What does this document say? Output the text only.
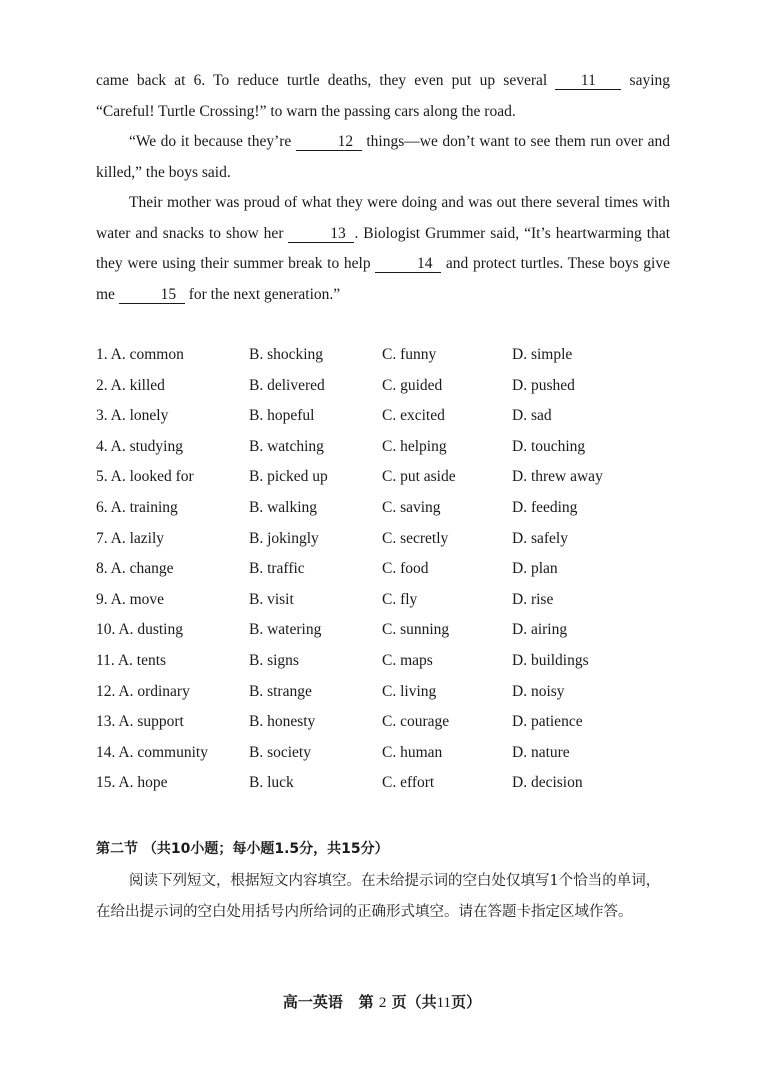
came back at 6. To reduce turtle deaths, they even put up several 11 saying “Careful! Turtle Crossing!” to warn the passing cars along the road.

“We do it because they’re	12 things—we don’t want to see them run over and killed,” the boys said.

Their mother was proud of what they were doing and was out there several times with water and snacks to show her	13 . Biologist Grummer said, “It’s heartwarming that they were using their summer break to help	14 and protect turtles. These boys give me	15 for the next generation.”

1. A. common	B. shocking	C. funny	D. simple
2. A. killed	B. delivered	C. guided	D. pushed
3. A. lonely	B. hopeful	C. excited	D. sad
4. A. studying	B. watching	C. helping	D. touching
5. A. looked for	B. picked up	C. put aside	D. threw away
6. A. training	B. walking	C. saving	D. feeding
7. A. lazily	B. jokingly	C. secretly	D. safely
8. A. change	B. traffic	C. food	D. plan
9. A. move	B. visit	C. fly	D. rise
10. A. dusting	B. watering	C. sunning	D. airing
11. A. tents	B. signs	C. maps	D. buildings
12. A. ordinary	B. strange	C. living	D. noisy
13. A. support	B. honesty	C. courage	D. patience
14. A. community	B. society	C. human	D. nature
15. A. hope	B. luck	C. effort	D. decision

第二节 （共10小题；每小题1.5分，共15分）

阅读下列短文，根据短文内容填空。在未给提示词的空白处仅填写1个恰当的单词，

在给出提示词的空白处用括号内所给词的正确形式填空。请在答题卡指定区域作答。

高一英语 第 2 页（共11页）
